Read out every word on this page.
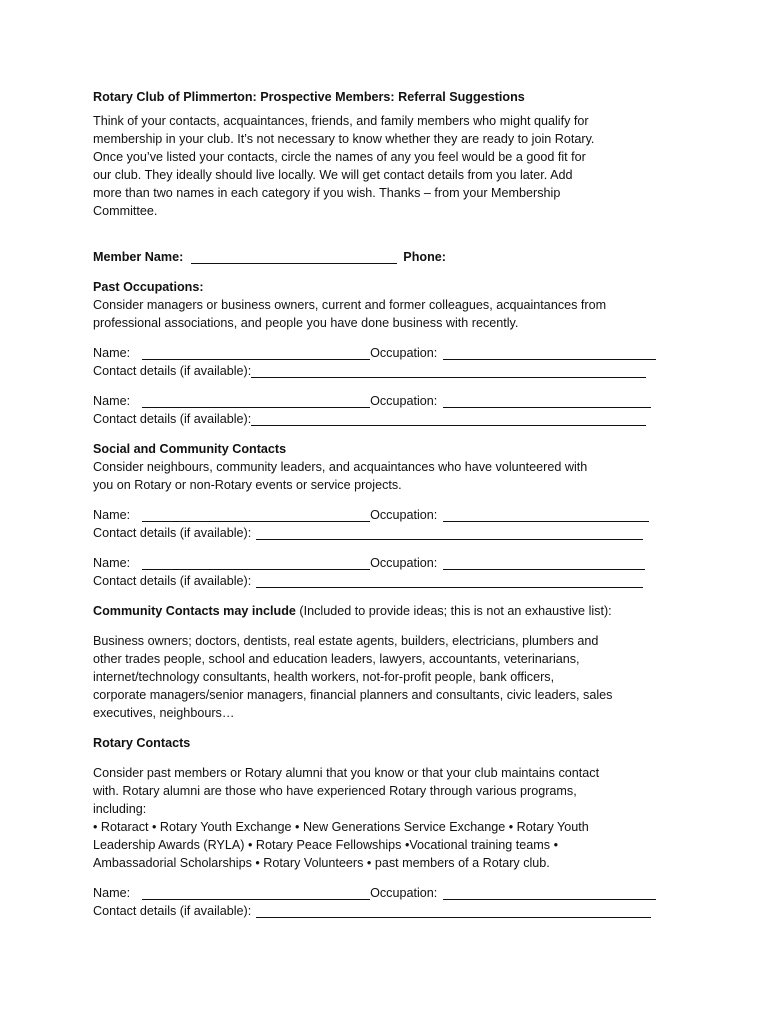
Rotary Club of Plimmerton: Prospective Members: Referral Suggestions
Think of your contacts, acquaintances, friends, and family members who might qualify for
membership in your club. It’s not necessary to know whether they are ready to join Rotary.
Once you’ve listed your contacts, circle the names of any you feel would be a good fit for
our club. They ideally should live locally. We will get contact details from you later. Add
more than two names in each category if you wish. Thanks – from your Membership
Committee.
Member Name:	Phone:
Past Occupations:
Consider managers or business owners, current and former colleagues, acquaintances from
professional associations, and people you have done business with recently.
Name:	Occupation:
Contact details (if available):
Name:	Occupation:
Contact details (if available):
Social and Community Contacts
Consider neighbours, community leaders, and acquaintances who have volunteered with
you on Rotary or non-Rotary events or service projects.
Name:	Occupation:
Contact details (if available):
Name:	Occupation:
Contact details (if available):
Community Contacts may include (Included to provide ideas; this is not an exhaustive list):
Business owners; doctors, dentists, real estate agents, builders, electricians, plumbers and
other trades people, school and education leaders, lawyers, accountants, veterinarians,
internet/technology consultants, health workers, not-for-profit people, bank officers,
corporate managers/senior managers, financial planners and consultants, civic leaders, sales
executives, neighbours…
Rotary Contacts
Consider past members or Rotary alumni that you know or that your club maintains contact
with. Rotary alumni are those who have experienced Rotary through various programs,
including:
• Rotaract • Rotary Youth Exchange • New Generations Service Exchange • Rotary Youth
Leadership Awards (RYLA) • Rotary Peace Fellowships •Vocational training teams •
Ambassadorial Scholarships • Rotary Volunteers • past members of a Rotary club.
Name:	Occupation:
Contact details (if available):
